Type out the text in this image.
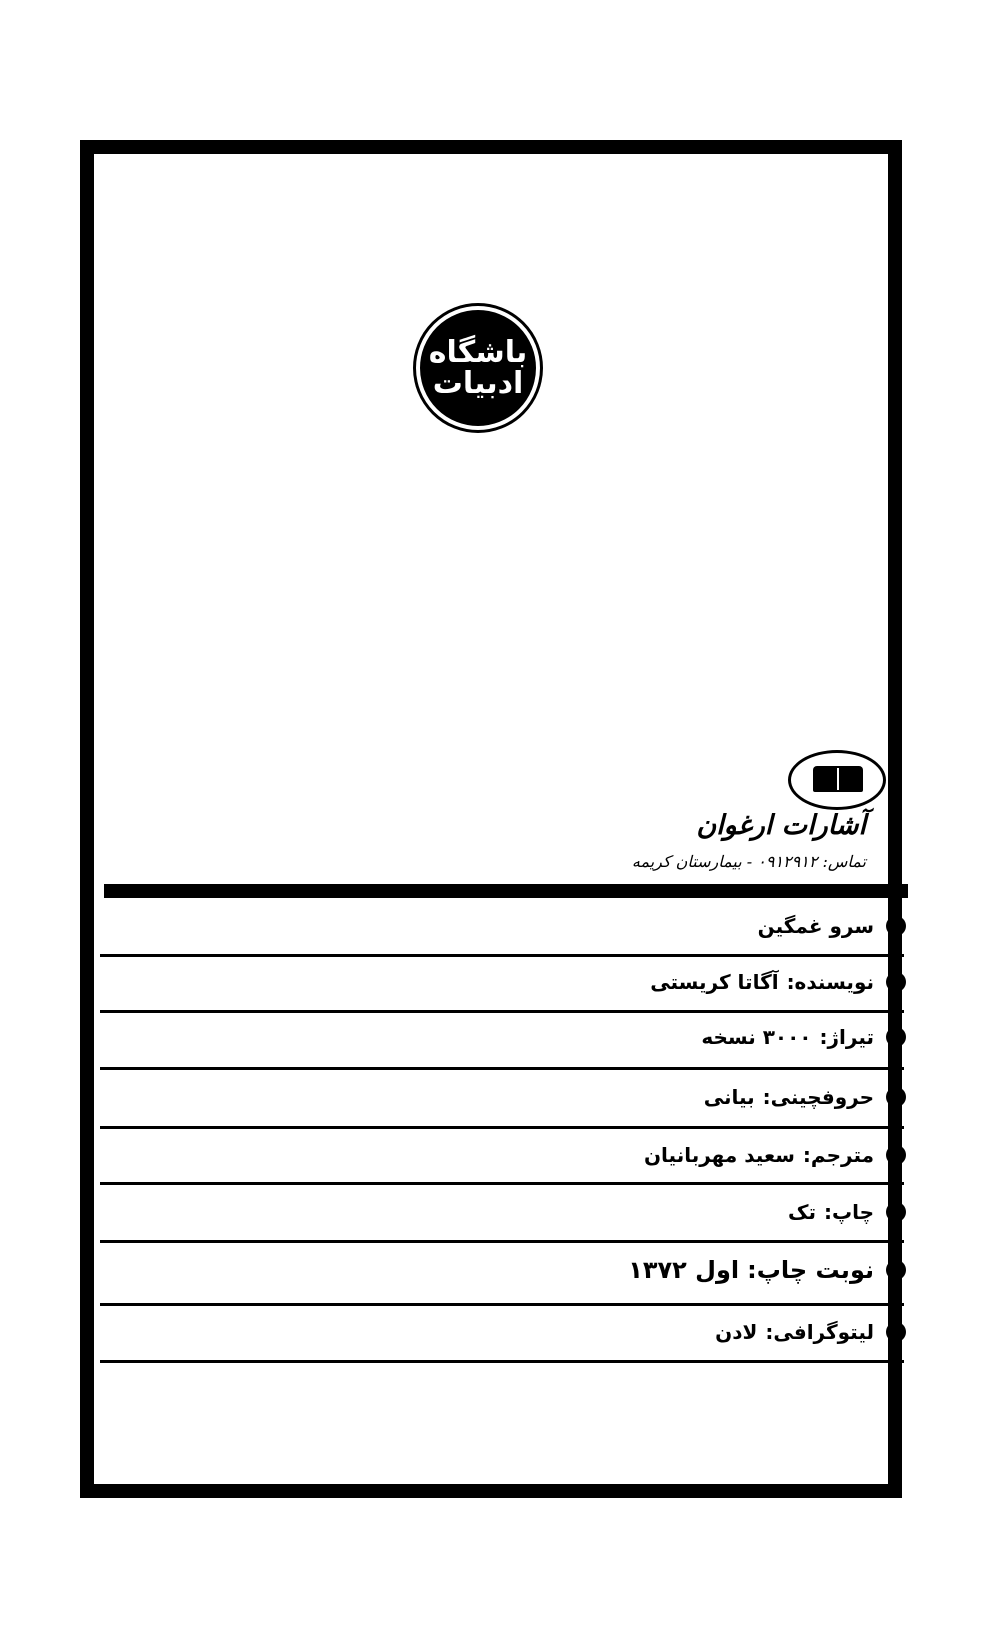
باشگاه
ادبیات
آشارات ارغوان
تماس: ۰۹۱۲۹۱۲ - بیمارستان کریمه
سرو غمگین
نویسنده:
آگاتا کریستی
تیراژ:
۳۰۰۰ نسخه
حروفچینی:
بیانی
مترجم:
سعید مهربانیان
چاپ:
تک
نوبت چاپ:
اول ۱۳۷۲
لیتوگرافی:
لادن
